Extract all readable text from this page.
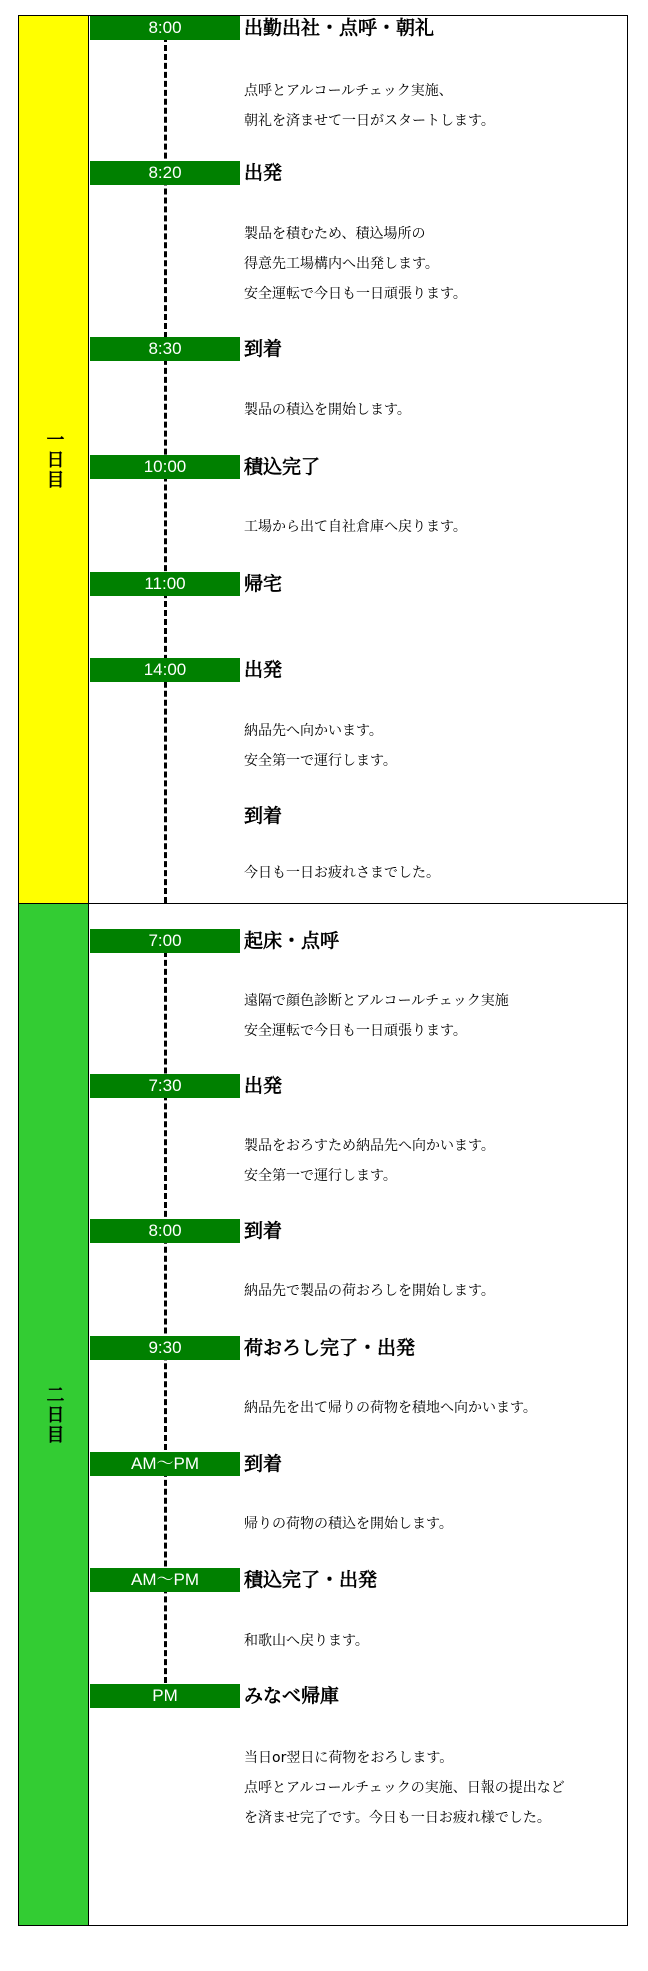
一日目
8:00	出勤出社・点呼・朝礼
点呼とアルコールチェック実施、
朝礼を済ませて一日がスタートします。
8:20	出発
製品を積むため、積込場所の
得意先工場構内へ出発します。
安全運転で今日も一日頑張ります。
8:30	到着
製品の積込を開始します。
10:00	積込完了
工場から出て自社倉庫へ戻ります。
11:00	帰宅
14:00	出発
納品先へ向かいます。
安全第一で運行します。
到着
今日も一日お疲れさまでした。
二日目
7:00	起床・点呼
遠隔で顔色診断とアルコールチェック実施
安全運転で今日も一日頑張ります。
7:30	出発
製品をおろすため納品先へ向かいます。
安全第一で運行します。
8:00	到着
納品先で製品の荷おろしを開始します。
9:30	荷おろし完了・出発
納品先を出て帰りの荷物を積地へ向かいます。
AM～PM	到着
帰りの荷物の積込を開始します。
AM～PM	積込完了・出発
和歌山へ戻ります。
PM	みなべ帰庫
当日or翌日に荷物をおろします。
点呼とアルコールチェックの実施、日報の提出など
を済ませ完了です。今日も一日お疲れ様でした。
